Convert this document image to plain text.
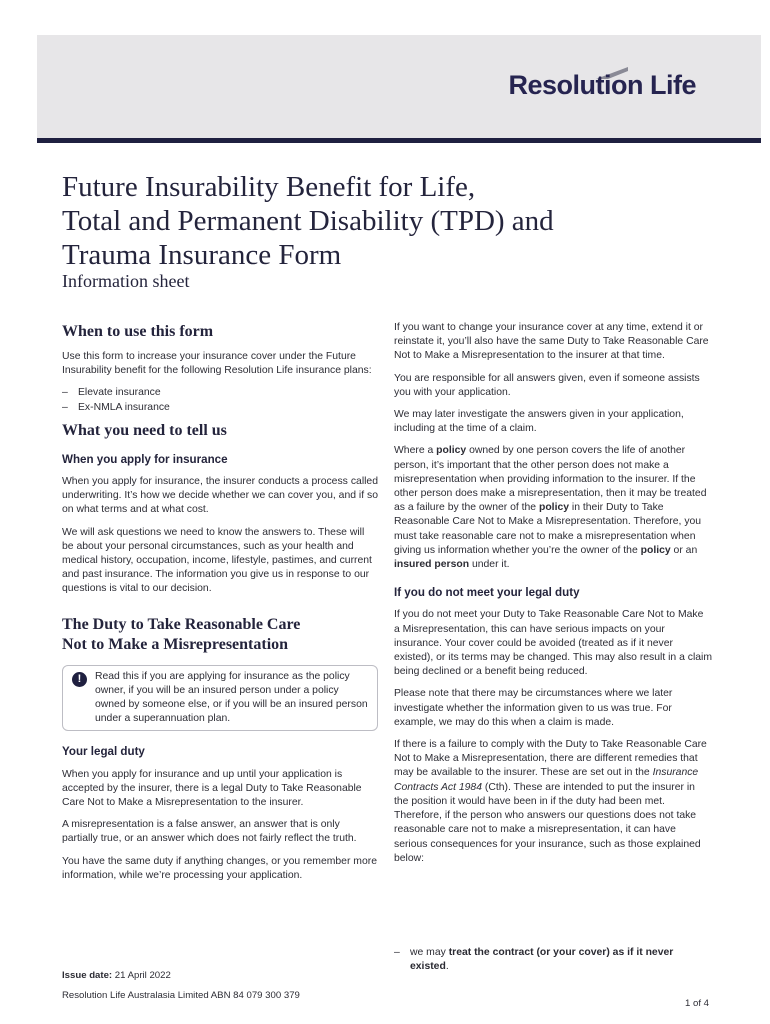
Resolution Life
Future Insurability Benefit for Life,
Total and Permanent Disability (TPD) and
Trauma Insurance Form
Information sheet
When to use this form

Use this form to increase your insurance cover under the Future Insurability benefit for the following Resolution Life insurance plans:

– Elevate insurance
– Ex-NMLA insurance
What you need to tell us
When you apply for insurance

When you apply for insurance, the insurer conducts a process called underwriting. It’s how we decide whether we can cover you, and if so on what terms and at what cost.

We will ask questions we need to know the answers to. These will be about your personal circumstances, such as your health and medical history, occupation, income, lifestyle, pastimes, and current and past insurance. The information you give us in response to our questions is vital to our decision.

The Duty to Take Reasonable Care
Not to Make a Misrepresentation
!	Read this if you are applying for insurance as the policy owner, if you will be an insured person under a policy owned by someone else, or if you will be an insured person under a superannuation plan.
Your legal duty

When you apply for insurance and up until your application is accepted by the insurer, there is a legal Duty to Take Reasonable Care Not to Make a Misrepresentation to the insurer.

A misrepresentation is a false answer, an answer that is only partially true, or an answer which does not fairly reflect the truth.

You have the same duty if anything changes, or you remember more information, while we’re processing your application.

If you want to change your insurance cover at any time, extend it or reinstate it, you’ll also have the same Duty to Take Reasonable Care Not to Make a Misrepresentation to the insurer at that time.

You are responsible for all answers given, even if someone assists you with your application.

We may later investigate the answers given in your application, including at the time of a claim.

Where a policy owned by one person covers the life of another person, it’s important that the other person does not make a misrepresentation when providing information to the insurer. If the other person does make a misrepresentation, then it may be treated as a failure by the owner of the policy in their Duty to Take Reasonable Care Not to Make a Misrepresentation. Therefore, you must take reasonable care not to make a misrepresentation when giving us information whether you’re the owner of the policy or an insured person under it.

If you do not meet your legal duty

If you do not meet your Duty to Take Reasonable Care Not to Make a Misrepresentation, this can have serious impacts on your insurance. Your cover could be avoided (treated as if it never existed), or its terms may be changed. This may also result in a claim being declined or a benefit being reduced.

Please note that there may be circumstances where we later investigate whether the information given to us was true. For example, we may do this when a claim is made.

If there is a failure to comply with the Duty to Take Reasonable Care Not to Make a Misrepresentation, there are different remedies that may be available to the insurer. These are set out in the Insurance Contracts Act 1984 (Cth). These are intended to put the insurer in the position it would have been in if the duty had been met. Therefore, if the person who answers our questions does not take reasonable care not to make a misrepresentation, it can have serious consequences for your insurance, such as those explained below:

– we may treat the contract (or your cover) as if it never existed.
Issue date: 21 April 2022
Resolution Life Australasia Limited ABN 84 079 300 379
1 of 4
